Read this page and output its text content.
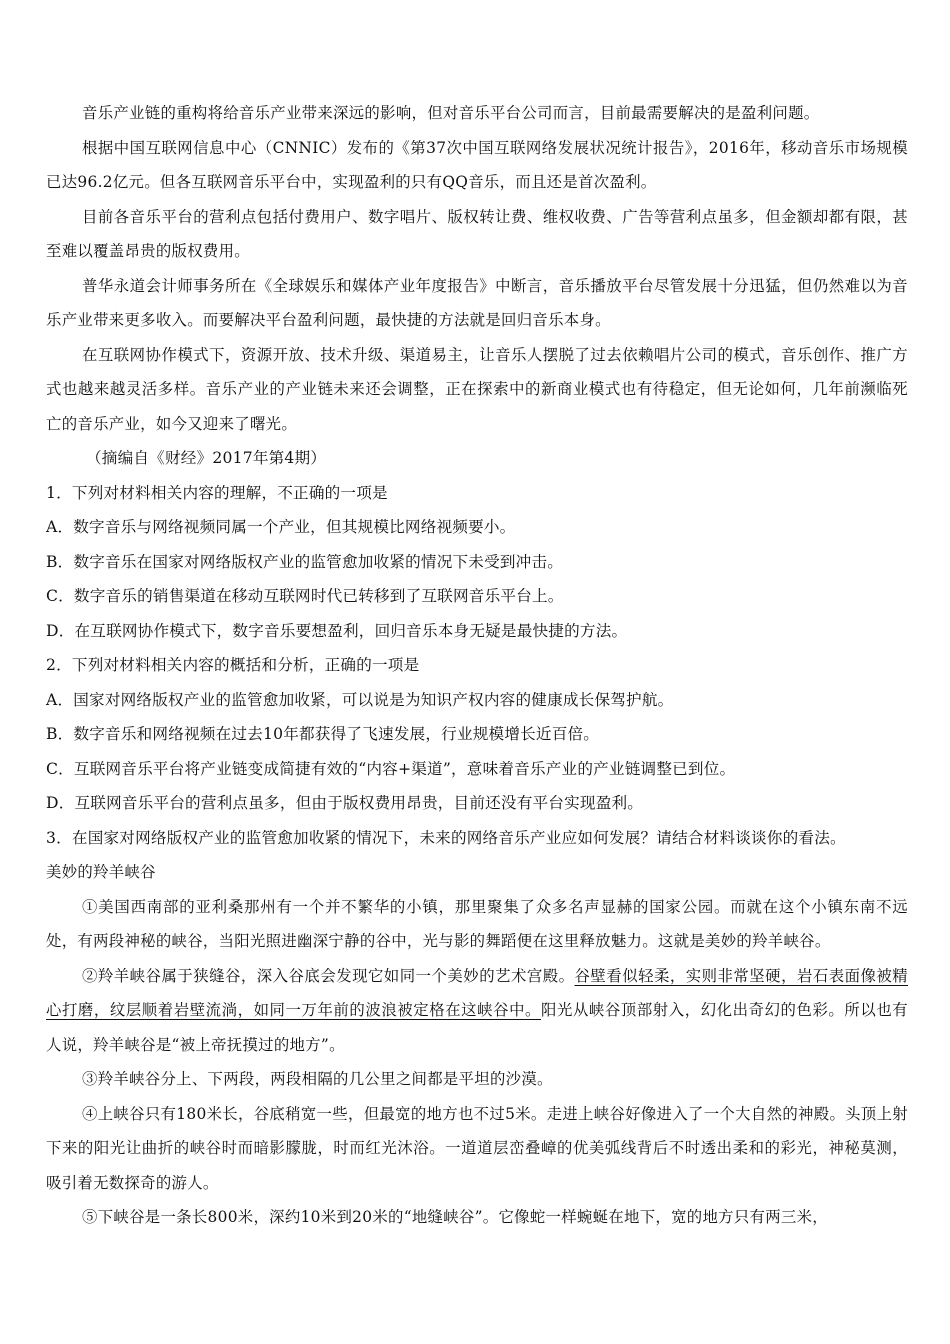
音乐产业链的重构将给音乐产业带来深远的影响，但对音乐平台公司而言，目前最需要解决的是盈利问题。

根据中国互联网信息中心（CNNIC）发布的《第37次中国互联网络发展状况统计报告》，2016年，移动音乐市场规模已达96.2亿元。但各互联网音乐平台中，实现盈利的只有QQ音乐，而且还是首次盈利。

目前各音乐平台的营利点包括付费用户、数字唱片、版权转让费、维权收费、广告等营利点虽多，但金额却都有限，甚至难以覆盖昂贵的版权费用。

普华永道会计师事务所在《全球娱乐和媒体产业年度报告》中断言，音乐播放平台尽管发展十分迅猛，但仍然难以为音乐产业带来更多收入。而要解决平台盈利问题，最快捷的方法就是回归音乐本身。

在互联网协作模式下，资源开放、技术升级、渠道易主，让音乐人摆脱了过去依赖唱片公司的模式，音乐创作、推广方式也越来越灵活多样。音乐产业的产业链未来还会调整，正在探索中的新商业模式也有待稳定，但无论如何，几年前濒临死亡的音乐产业，如今又迎来了曙光。

（摘编自《财经》2017年第4期）

1．下列对材料相关内容的理解，不正确的一项是

A．数字音乐与网络视频同属一个产业，但其规模比网络视频要小。

B．数字音乐在国家对网络版权产业的监管愈加收紧的情况下未受到冲击。

C．数字音乐的销售渠道在移动互联网时代已转移到了互联网音乐平台上。

D．在互联网协作模式下，数字音乐要想盈利，回归音乐本身无疑是最快捷的方法。

2．下列对材料相关内容的概括和分析，正确的一项是

A．国家对网络版权产业的监管愈加收紧，可以说是为知识产权内容的健康成长保驾护航。

B．数字音乐和网络视频在过去10年都获得了飞速发展，行业规模增长近百倍。

C．互联网音乐平台将产业链变成简捷有效的“内容+渠道”，意味着音乐产业的产业链调整已到位。

D．互联网音乐平台的营利点虽多，但由于版权费用昂贵，目前还没有平台实现盈利。

3．在国家对网络版权产业的监管愈加收紧的情况下，未来的网络音乐产业应如何发展？请结合材料谈谈你的看法。

美妙的羚羊峡谷

①美国西南部的亚利桑那州有一个并不繁华的小镇，那里聚集了众多名声显赫的国家公园。而就在这个小镇东南不远处，有两段神秘的峡谷，当阳光照进幽深宁静的谷中，光与影的舞蹈便在这里释放魅力。这就是美妙的羚羊峡谷。

②羚羊峡谷属于狭缝谷，深入谷底会发现它如同一个美妙的艺术宫殿。谷壁看似轻柔，实则非常坚硬，岩石表面像被精心打磨，纹层顺着岩壁流淌，如同一万年前的波浪被定格在这峡谷中。阳光从峡谷顶部射入，幻化出奇幻的色彩。所以也有人说，羚羊峡谷是“被上帝抚摸过的地方”。

③羚羊峡谷分上、下两段，两段相隔的几公里之间都是平坦的沙漠。

④上峡谷只有180米长，谷底稍宽一些，但最宽的地方也不过5米。走进上峡谷好像进入了一个大自然的神殿。头顶上射下来的阳光让曲折的峡谷时而暗影朦胧，时而红光沐浴。一道道层峦叠嶂的优美弧线背后不时透出柔和的彩光，神秘莫测，吸引着无数探奇的游人。

⑤下峡谷是一条长800米，深约10米到20米的“地缝峡谷”。它像蛇一样蜿蜒在地下，宽的地方只有两三米，
